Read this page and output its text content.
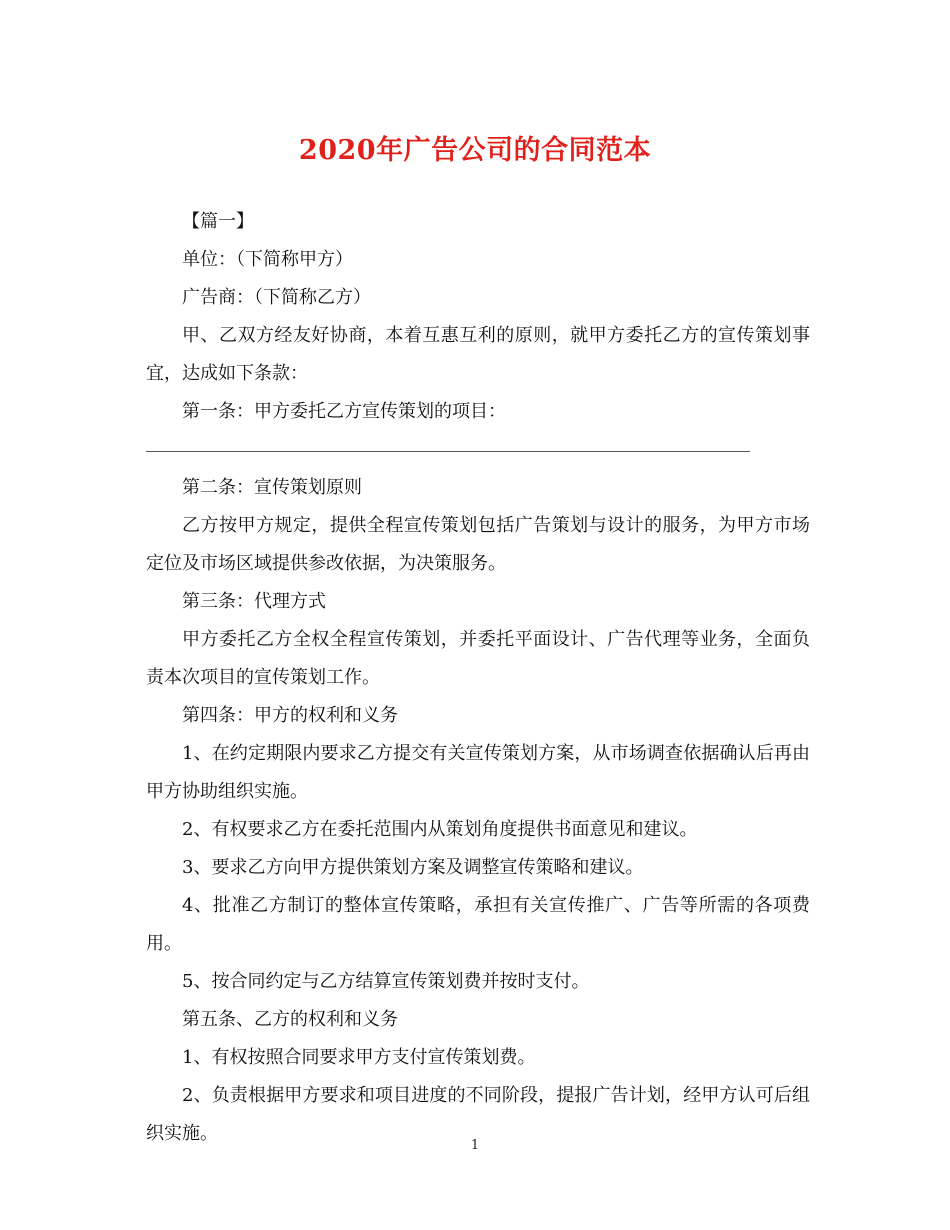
2020年广告公司的合同范本

【篇一】

单位：（下简称甲方）

广告商：（下简称乙方）

甲、乙双方经友好协商，本着互惠互利的原则，就甲方委托乙方的宣传策划事宜，达成如下条款：

第一条：甲方委托乙方宣传策划的项目：

第二条：宣传策划原则

乙方按甲方规定，提供全程宣传策划包括广告策划与设计的服务，为甲方市场定位及市场区域提供参改依据，为决策服务。

第三条：代理方式

甲方委托乙方全权全程宣传策划，并委托平面设计、广告代理等业务，全面负责本次项目的宣传策划工作。

第四条：甲方的权利和义务

1、在约定期限内要求乙方提交有关宣传策划方案，从市场调查依据确认后再由甲方协助组织实施。

2、有权要求乙方在委托范围内从策划角度提供书面意见和建议。

3、要求乙方向甲方提供策划方案及调整宣传策略和建议。

4、批准乙方制订的整体宣传策略，承担有关宣传推广、广告等所需的各项费用。

5、按合同约定与乙方结算宣传策划费并按时支付。

第五条、乙方的权利和义务

1、有权按照合同要求甲方支付宣传策划费。

2、负责根据甲方要求和项目进度的不同阶段，提报广告计划，经甲方认可后组织实施。

1
